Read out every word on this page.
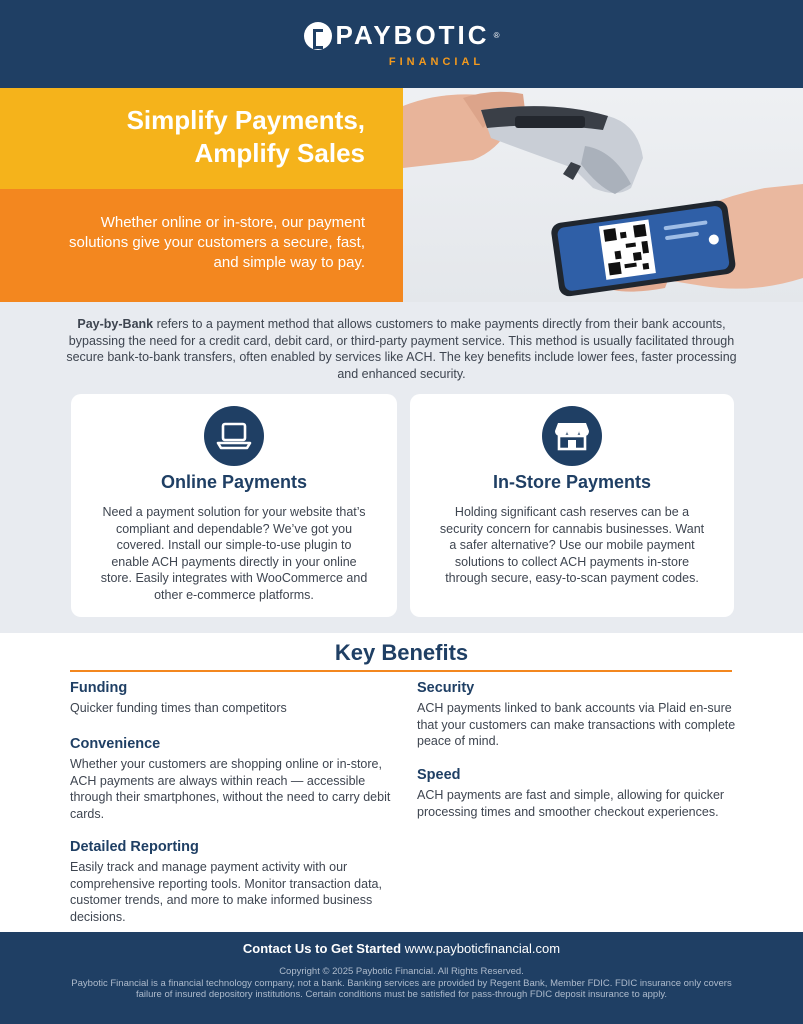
PAYBOTIC ®
FINANCIAL
Simplify Payments,
Amplify Sales
Whether online or in-store, our payment solutions give your customers a secure, fast, and simple way to pay.

Pay-by-Bank refers to a payment method that allows customers to make payments directly from their bank accounts, bypassing the need for a credit card, debit card, or third-party payment service. This method is usually facilitated through secure bank-to-bank transfers, often enabled by services like ACH. The key benefits include lower fees, faster processing and enhanced security.

Online Payments
Need a payment solution for your website that’s compliant and dependable? We’ve got you covered. Install our simple-to-use plugin to enable ACH payments directly in your online store. Easily integrates with WooCommerce and other e-commerce platforms.
In-Store Payments
Holding significant cash reserves can be a security concern for cannabis businesses. Want a safer alternative? Use our mobile payment solutions to collect ACH payments in-store through secure, easy-to-scan payment codes.
Key Benefits
Funding

Quicker funding times than competitors

Convenience

Whether your customers are shopping online or in-store, ACH payments are always within reach — accessible through their smartphones, without the need to carry debit cards.

Detailed Reporting

Easily track and manage payment activity with our comprehensive reporting tools. Monitor transaction data, customer trends, and more to make informed business decisions.

Security

ACH payments linked to bank accounts via Plaid en-sure that your customers can make transactions with complete peace of mind.

Speed

ACH payments are fast and simple, allowing for quicker processing times and smoother checkout experiences.

Contact Us to Get Started www.payboticfinancial.com
Copyright © 2025 Paybotic Financial. All Rights Reserved.
Paybotic Financial is a financial technology company, not a bank. Banking services are provided by Regent Bank, Member FDIC. FDIC insurance only covers failure of insured depository institutions. Certain conditions must be satisfied for pass-through FDIC deposit insurance to apply.
